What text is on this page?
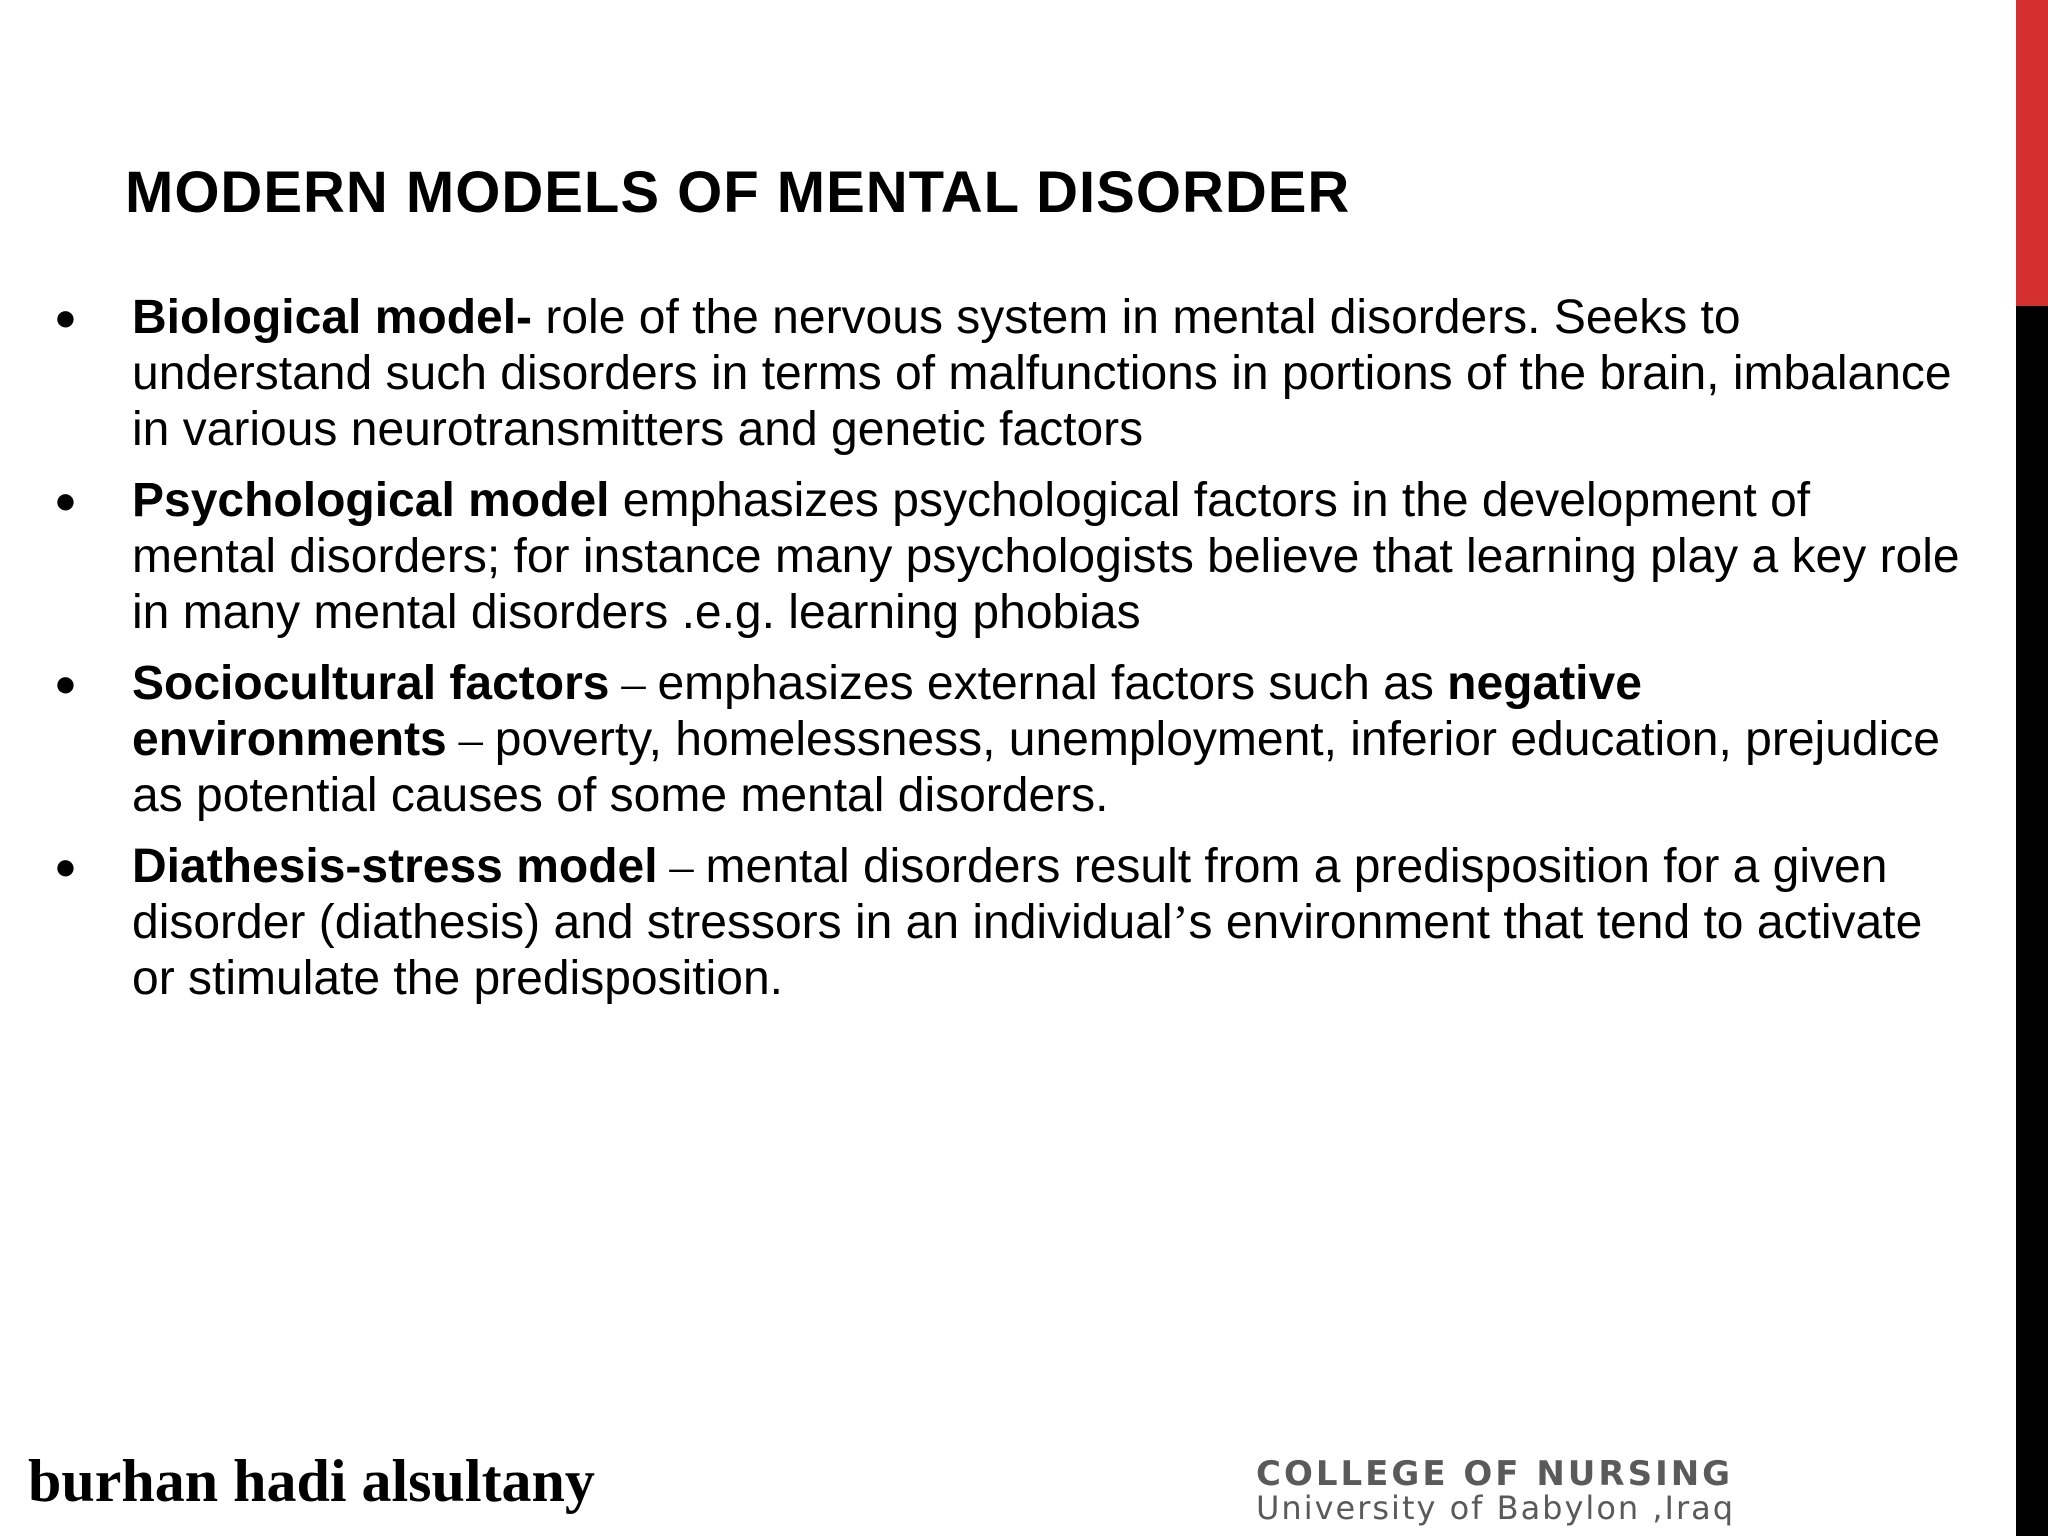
MODERN MODELS OF MENTAL DISORDER
● Biological model- role of the nervous system in mental disorders. Seeks to understand such disorders in terms of malfunctions in portions of the brain, imbalance in various neurotransmitters and genetic factors
● Psychological model emphasizes psychological factors in the development of mental disorders; for instance many psychologists believe that learning play a key role in many mental disorders .e.g. learning phobias
● Sociocultural factors – emphasizes external factors such as negative environments – poverty, homelessness, unemployment, inferior education, prejudice as potential causes of some mental disorders.
● Diathesis-stress model – mental disorders result from a predisposition for a given disorder (diathesis) and stressors in an individual’s environment that tend to activate or stimulate the predisposition.
burhan hadi alsultany	COLLEGE OF NURSING
University of Babylon ,Iraq
